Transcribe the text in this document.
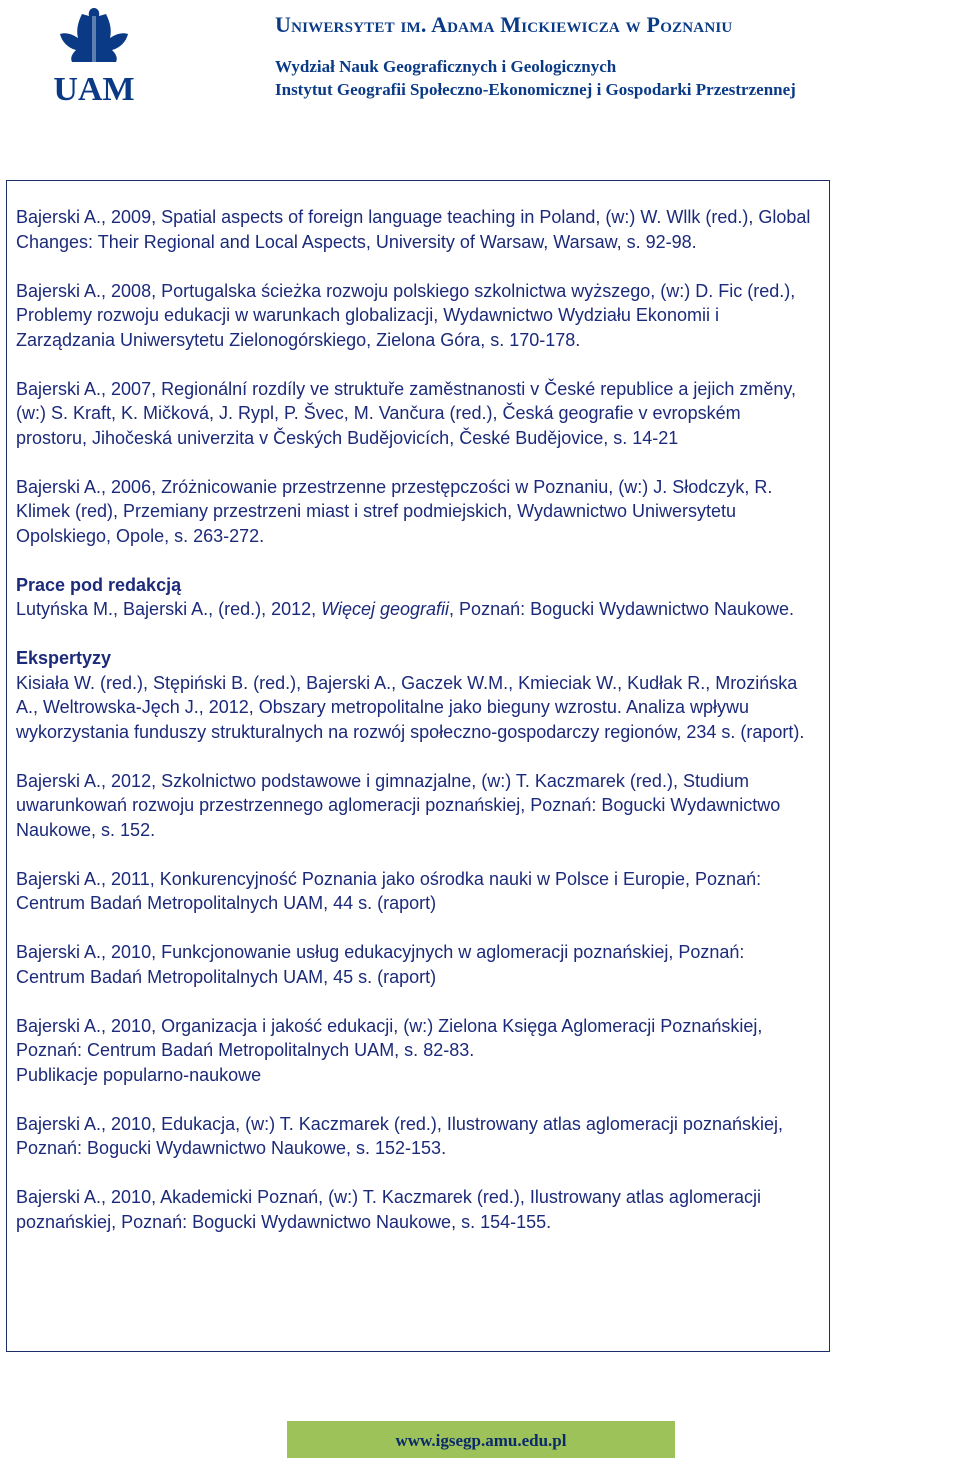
UAM
Uniwersytet im. Adama Mickiewicza w Poznaniu
Wydział Nauk Geograficznych i Geologicznych
Instytut Geografii Społeczno-Ekonomicznej i Gospodarki Przestrzennej

Bajerski A., 2009, Spatial aspects of foreign language teaching in Poland, (w:) W. Wllk (red.), Global Changes: Their Regional and Local Aspects, University of Warsaw, Warsaw, s. 92-98.

Bajerski A., 2008, Portugalska ścieżka rozwoju polskiego szkolnictwa wyższego, (w:) D. Fic (red.), Problemy rozwoju edukacji w warunkach globalizacji, Wydawnictwo Wydziału Ekonomii i Zarządzania Uniwersytetu Zielonogórskiego, Zielona Góra, s. 170-178.

Bajerski A., 2007, Regionální rozdíly ve struktuře zaměstnanosti v České republice a jejich změny, (w:) S. Kraft, K. Mičková, J. Rypl, P. Švec, M. Vančura (red.), Česká geografie v evropském prostoru, Jihočeská univerzita v Českých Budějovicích, České Budějovice, s. 14-21

Bajerski A., 2006, Zróżnicowanie przestrzenne przestępczości w Poznaniu, (w:) J. Słodczyk, R. Klimek (red), Przemiany przestrzeni miast i stref podmiejskich, Wydawnictwo Uniwersytetu Opolskiego, Opole, s. 263-272.

Prace pod redakcją

Lutyńska M., Bajerski A., (red.), 2012, Więcej geografii, Poznań: Bogucki Wydawnictwo Naukowe.

Ekspertyzy

Kisiała W. (red.), Stępiński B. (red.), Bajerski A., Gaczek W.M., Kmieciak W., Kudłak R., Mrozińska A., Weltrowska-Jęch J., 2012, Obszary metropolitalne jako bieguny wzrostu. Analiza wpływu wykorzystania funduszy strukturalnych na rozwój społeczno-gospodarczy regionów, 234 s. (raport).

Bajerski A., 2012, Szkolnictwo podstawowe i gimnazjalne, (w:) T. Kaczmarek (red.), Studium uwarunkowań rozwoju przestrzennego aglomeracji poznańskiej, Poznań: Bogucki Wydawnictwo Naukowe, s. 152.

Bajerski A., 2011, Konkurencyjność Poznania jako ośrodka nauki w Polsce i Europie, Poznań: Centrum Badań Metropolitalnych UAM, 44 s. (raport)

Bajerski A., 2010, Funkcjonowanie usług edukacyjnych w aglomeracji poznańskiej, Poznań: Centrum Badań Metropolitalnych UAM, 45 s. (raport)

Bajerski A., 2010, Organizacja i jakość edukacji, (w:) Zielona Księga Aglomeracji Poznańskiej, Poznań: Centrum Badań Metropolitalnych UAM, s. 82-83.

Publikacje popularno-naukowe

Bajerski A., 2010, Edukacja, (w:) T. Kaczmarek (red.), Ilustrowany atlas aglomeracji poznańskiej, Poznań: Bogucki Wydawnictwo Naukowe, s. 152-153.

Bajerski A., 2010, Akademicki Poznań, (w:) T. Kaczmarek (red.), Ilustrowany atlas aglomeracji poznańskiej, Poznań: Bogucki Wydawnictwo Naukowe, s. 154-155.

www.igsegp.amu.edu.pl
